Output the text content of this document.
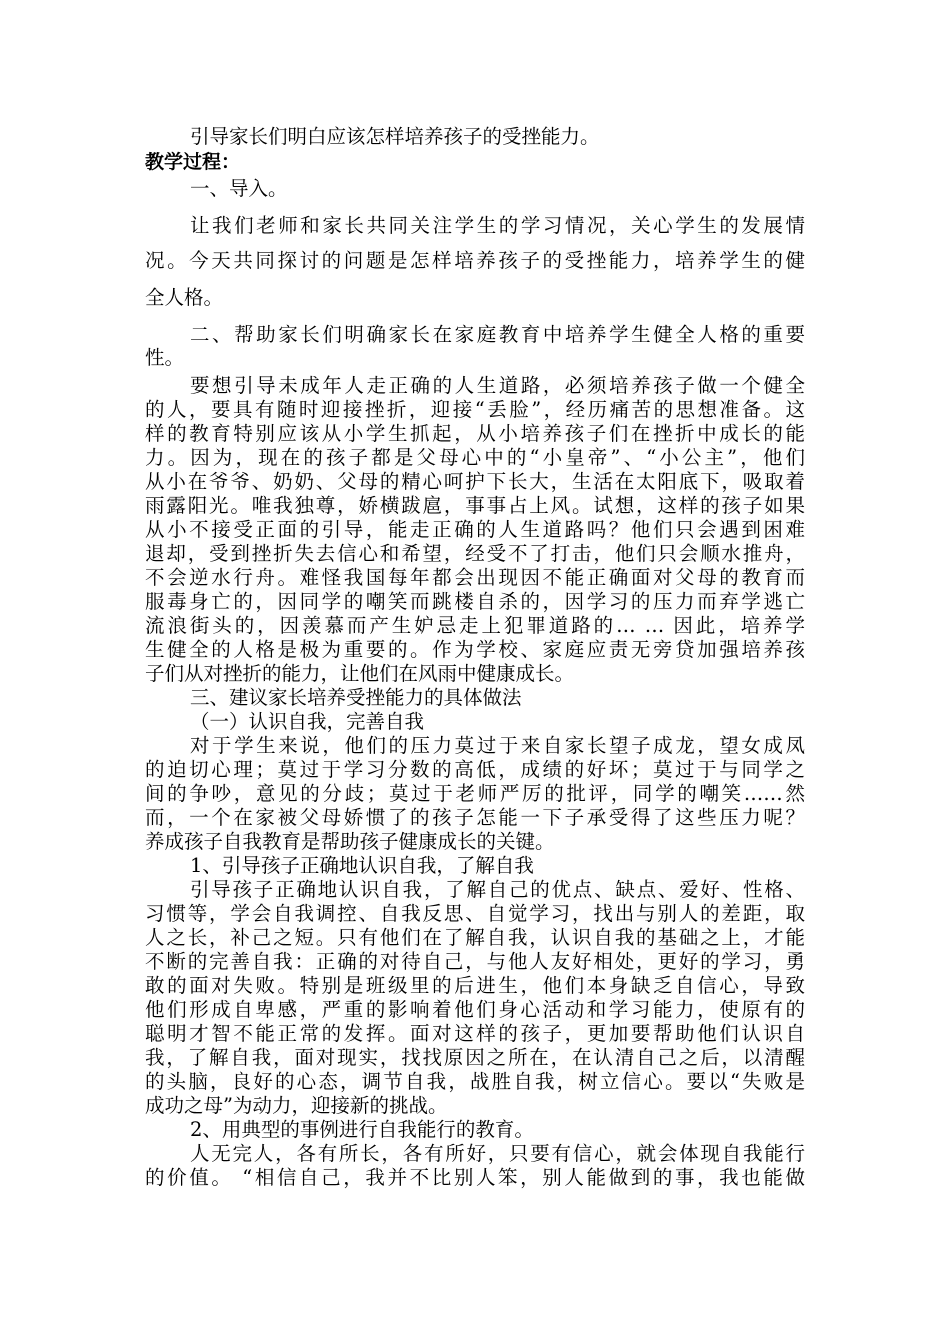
引导家长们明白应该怎样培养孩子的受挫能力。
教学过程：
一、导入。
让我们老师和家长共同关注学生的学习情况，关心学生的发展情
况。今天共同探讨的问题是怎样培养孩子的受挫能力，培养学生的健
全人格。
二、帮助家长们明确家长在家庭教育中培养学生健全人格的重要
性。
要想引导未成年人走正确的人生道路，必须培养孩子做一个健全
的人，要具有随时迎接挫折，迎接“丢脸”，经历痛苦的思想准备。这
样的教育特别应该从小学生抓起，从小培养孩子们在挫折中成长的能
力。因为，现在的孩子都是父母心中的“小皇帝”、“小公主”，他们
从小在爷爷、奶奶、父母的精心呵护下长大，生活在太阳底下，吸取着
雨露阳光。唯我独尊，娇横跋扈，事事占上风。试想，这样的孩子如果
从小不接受正面的引导，能走正确的人生道路吗？他们只会遇到困难
退却，受到挫折失去信心和希望，经受不了打击，他们只会顺水推舟，
不会逆水行舟。难怪我国每年都会出现因不能正确面对父母的教育而
服毒身亡的，因同学的嘲笑而跳楼自杀的，因学习的压力而弃学逃亡
流浪街头的，因羡慕而产生妒忌走上犯罪道路的… … 因此，培养学
生健全的人格是极为重要的。作为学校、家庭应责无旁贷加强培养孩
子们从对挫折的能力，让他们在风雨中健康成长。
三、建议家长培养受挫能力的具体做法
（一）认识自我，完善自我
对于学生来说，他们的压力莫过于来自家长望子成龙，望女成凤
的迫切心理；莫过于学习分数的高低，成绩的好坏；莫过于与同学之
间的争吵，意见的分歧；莫过于老师严厉的批评，同学的嘲笑……然
而，一个在家被父母娇惯了的孩子怎能一下子承受得了这些压力呢？
养成孩子自我教育是帮助孩子健康成长的关键。
1、引导孩子正确地认识自我，了解自我
引导孩子正确地认识自我，了解自己的优点、缺点、爱好、性格、
习惯等，学会自我调控、自我反思、自觉学习，找出与别人的差距，取
人之长，补己之短。只有他们在了解自我，认识自我的基础之上，才能
不断的完善自我：正确的对待自己，与他人友好相处，更好的学习，勇
敢的面对失败。特别是班级里的后进生，他们本身缺乏自信心，导致
他们形成自卑感，严重的影响着他们身心活动和学习能力，使原有的
聪明才智不能正常的发挥。面对这样的孩子，更加要帮助他们认识自
我，了解自我，面对现实，找找原因之所在，在认清自己之后，以清醒
的头脑，良好的心态，调节自我，战胜自我，树立信心。要以“失败是
成功之母”为动力，迎接新的挑战。
2、用典型的事例进行自我能行的教育。
人无完人，各有所长，各有所好，只要有信心，就会体现自我能行
的价值。 “相信自己，我并不比别人笨，别人能做到的事，我也能做
